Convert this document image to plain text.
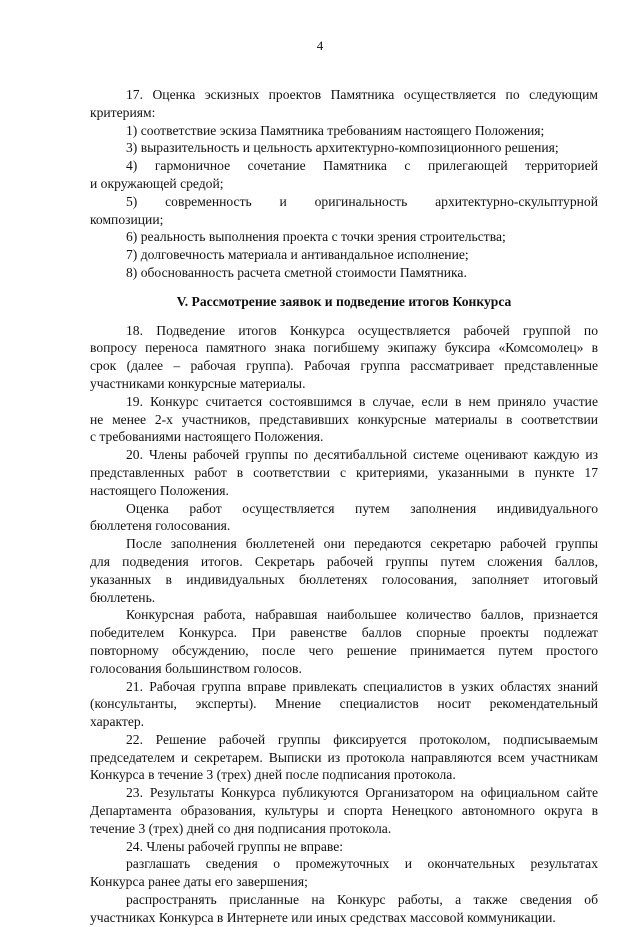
4

17. Оценка эскизных проектов Памятника осуществляется по следующим

критериям:

1) соответствие эскиза Памятника требованиям настоящего Положения;

3) выразительность и цельность архитектурно-композиционного решения;

4) гармоничное сочетание Памятника с прилегающей территорией

и окружающей средой;

5) современность и оригинальность архитектурно-скульптурной

композиции;

6) реальность выполнения проекта с точки зрения строительства;

7) долговечность материала и антивандальное исполнение;

8) обоснованность расчета сметной стоимости Памятника.

V. Рассмотрение заявок и подведение итогов Конкурса

18. Подведение итогов Конкурса осуществляется рабочей группой по

вопросу переноса памятного знака погибшему экипажу буксира «Комсомолец» в

срок (далее – рабочая группа). Рабочая группа рассматривает представленные

участниками конкурсные материалы.

19. Конкурс считается состоявшимся в случае, если в нем приняло участие

не менее 2-х участников, представивших конкурсные материалы в соответствии

с требованиями настоящего Положения.

20. Члены рабочей группы по десятибалльной системе оценивают каждую из

представленных работ в соответствии с критериями, указанными в пункте 17

настоящего Положения.

Оценка работ осуществляется путем заполнения индивидуального

бюллетеня голосования.

После заполнения бюллетеней они передаются секретарю рабочей группы

для подведения итогов. Секретарь рабочей группы путем сложения баллов,

указанных в индивидуальных бюллетенях голосования, заполняет итоговый

бюллетень.

Конкурсная работа, набравшая наибольшее количество баллов, признается

победителем Конкурса. При равенстве баллов спорные проекты подлежат

повторному обсуждению, после чего решение принимается путем простого

голосования большинством голосов.

21. Рабочая группа вправе привлекать специалистов в узких областях знаний

(консультанты, эксперты). Мнение специалистов носит рекомендательный

характер.

22. Решение рабочей группы фиксируется протоколом, подписываемым

председателем и секретарем. Выписки из протокола направляются всем участникам

Конкурса в течение 3 (трех) дней после подписания протокола.

23. Результаты Конкурса публикуются Организатором на официальном сайте

Департамента образования, культуры и спорта Ненецкого автономного округа в

течение 3 (трех) дней со дня подписания протокола.

24. Члены рабочей группы не вправе:

разглашать сведения о промежуточных и окончательных результатах

Конкурса ранее даты его завершения;

распространять присланные на Конкурс работы, а также сведения об

участниках Конкурса в Интернете или иных средствах массовой коммуникации.
